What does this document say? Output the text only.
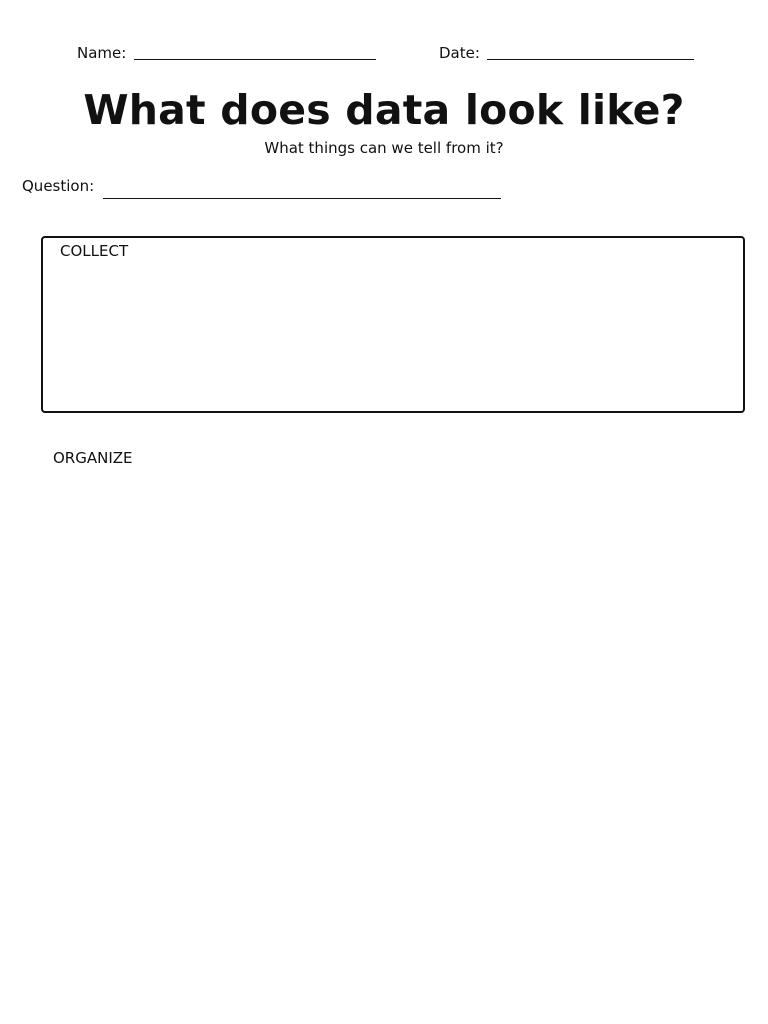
Name:	Date:
What does data look like?

What things can we tell from it?

Question:
COLLECT
ORGANIZE
